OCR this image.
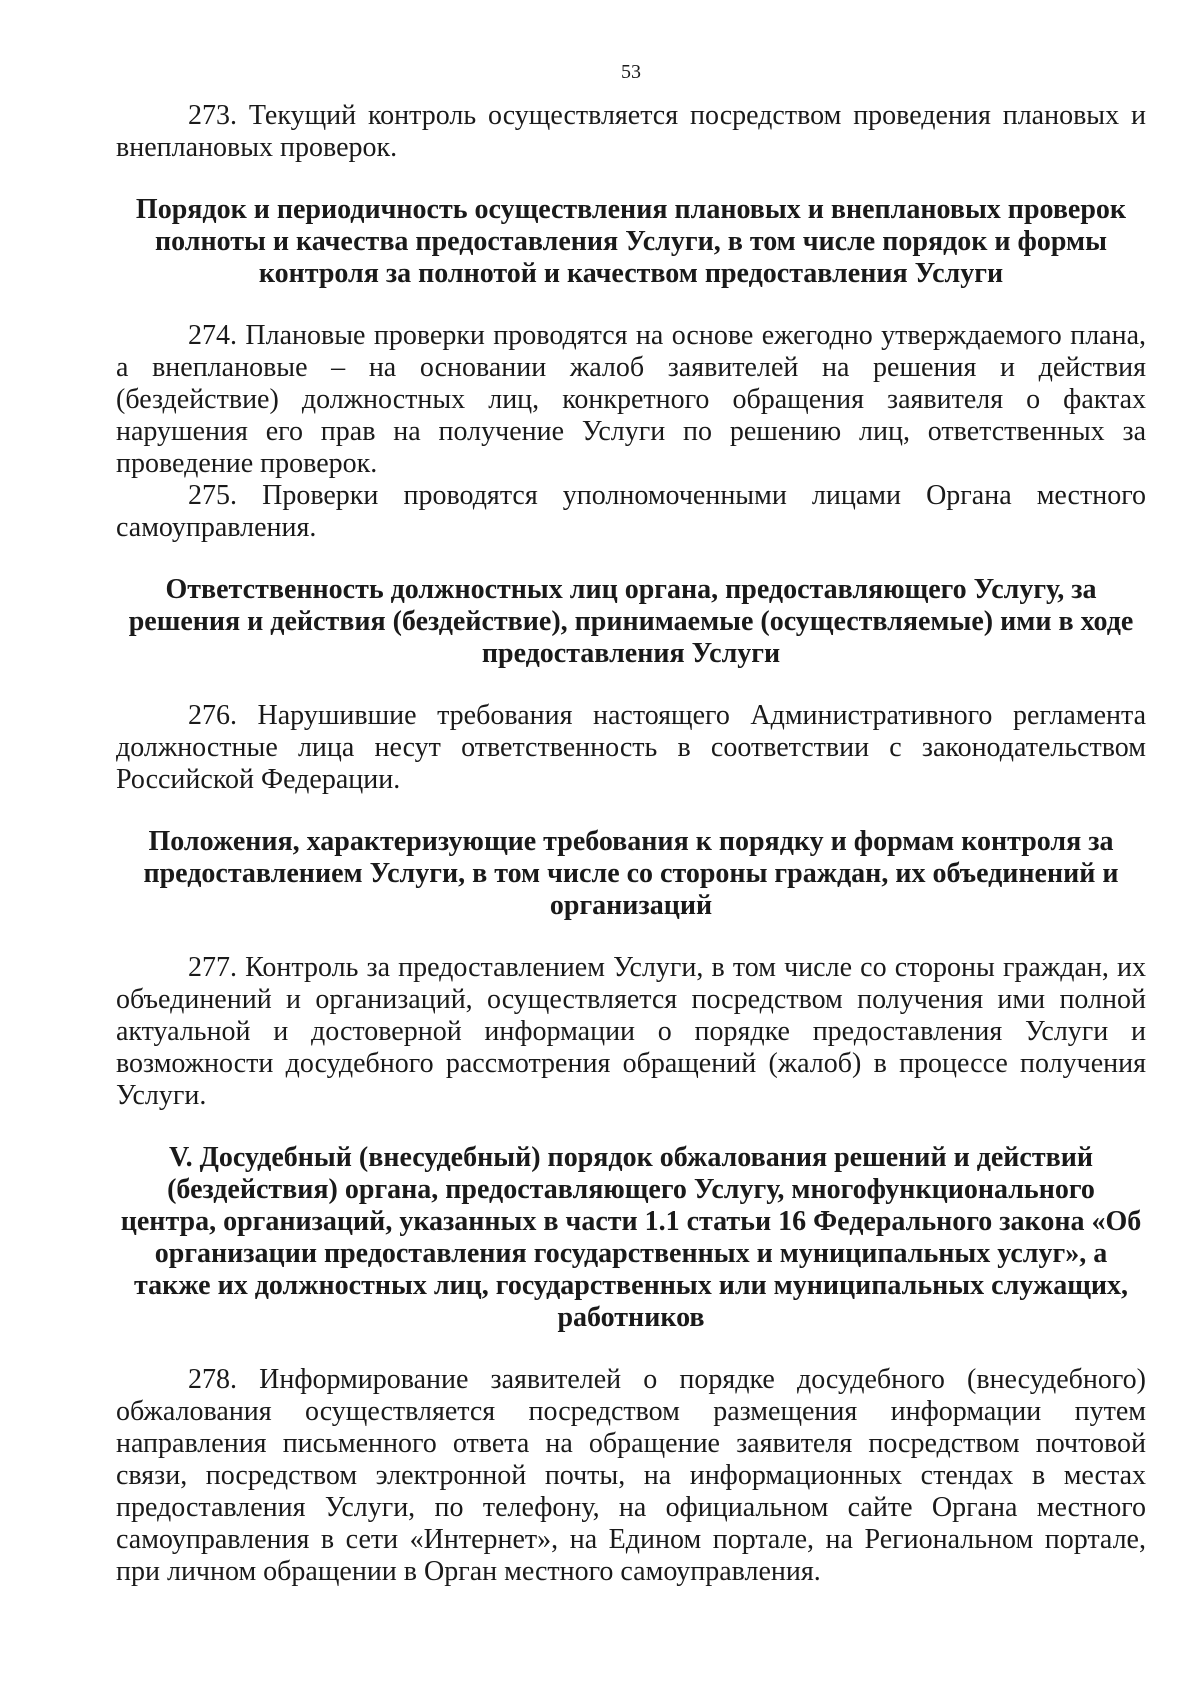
53

273. Текущий контроль осуществляется посредством проведения плановых и внеплановых проверок.

Порядок и периодичность осуществления плановых и внеплановых проверок полноты и качества предоставления Услуги, в том числе порядок и формы контроля за полнотой и качеством предоставления Услуги

274. Плановые проверки проводятся на основе ежегодно утверждаемого плана, а внеплановые – на основании жалоб заявителей на решения и действия (бездействие) должностных лиц, конкретного обращения заявителя о фактах нарушения его прав на получение Услуги по решению лиц, ответственных за проведение проверок.

275. Проверки проводятся уполномоченными лицами Органа местного самоуправления.

Ответственность должностных лиц органа, предоставляющего Услугу, за решения и действия (бездействие), принимаемые (осуществляемые) ими в ходе предоставления Услуги

276. Нарушившие требования настоящего Административного регламента должностные лица несут ответственность в соответствии с законодательством Российской Федерации.

Положения, характеризующие требования к порядку и формам контроля за предоставлением Услуги, в том числе со стороны граждан, их объединений и организаций

277. Контроль за предоставлением Услуги, в том числе со стороны граждан, их объединений и организаций, осуществляется посредством получения ими полной актуальной и достоверной информации о порядке предоставления Услуги и возможности досудебного рассмотрения обращений (жалоб) в процессе получения Услуги.

V. Досудебный (внесудебный) порядок обжалования решений и действий (бездействия) органа, предоставляющего Услугу, многофункционального центра, организаций, указанных в части 1.1 статьи 16 Федерального закона «Об организации предоставления государственных и муниципальных услуг», а также их должностных лиц, государственных или муниципальных служащих, работников

278. Информирование заявителей о порядке досудебного (внесудебного) обжалования осуществляется посредством размещения информации путем направления письменного ответа на обращение заявителя посредством почтовой связи, посредством электронной почты, на информационных стендах в местах предоставления Услуги, по телефону, на официальном сайте Органа местного самоуправления в сети «Интернет», на Едином портале, на Региональном портале, при личном обращении в Орган местного самоуправления.
